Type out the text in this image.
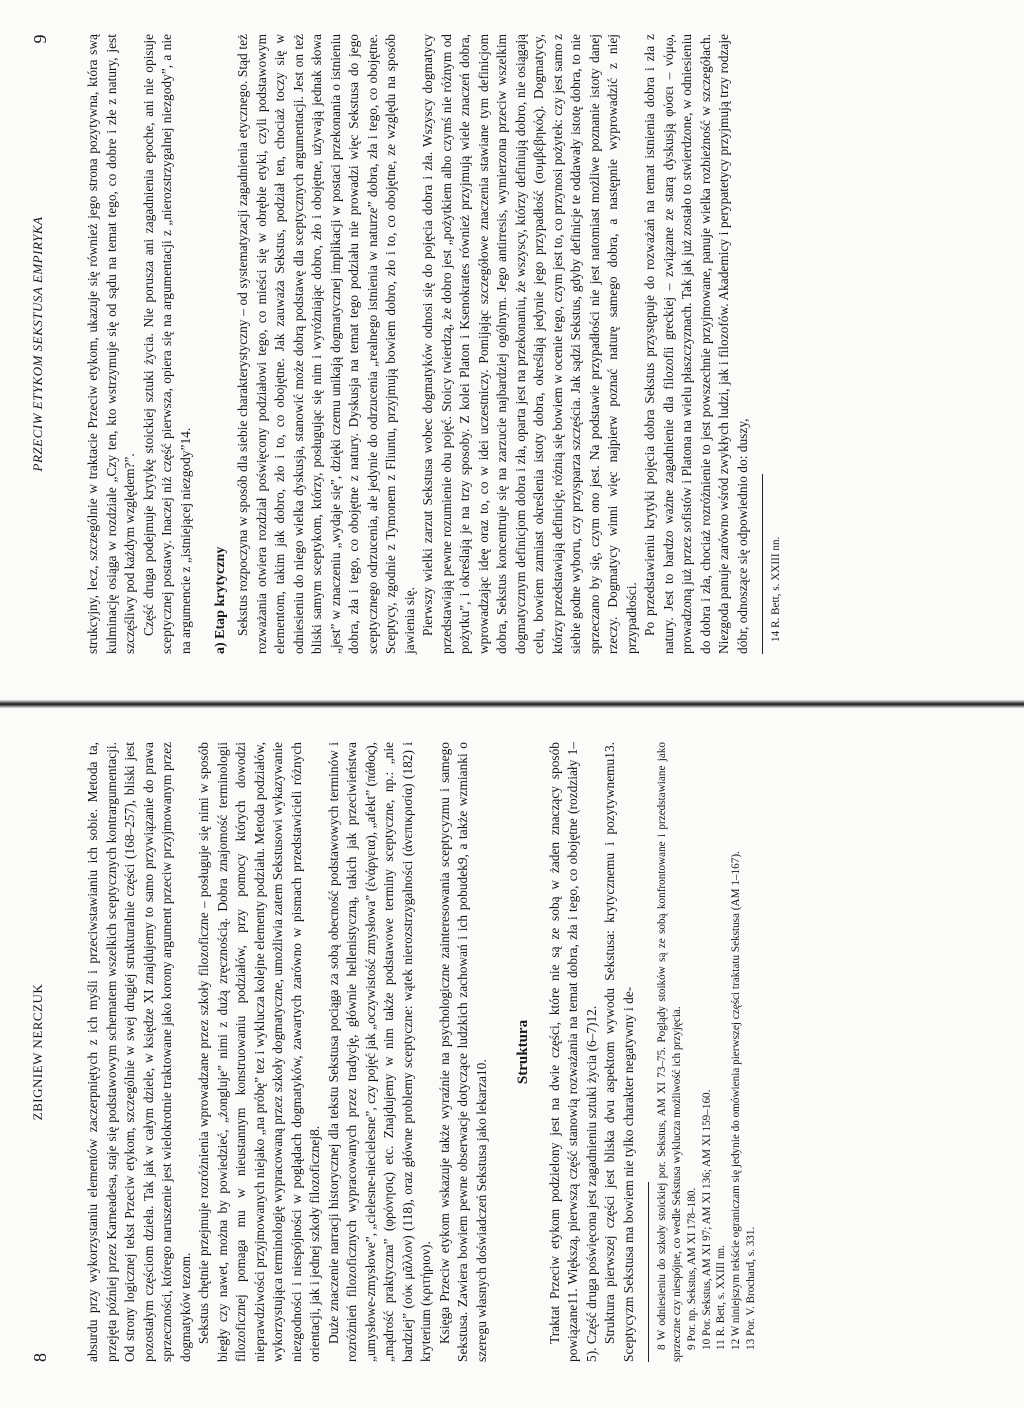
8
ZBIGNIEW NERCZUK	absurdu przy wykorzystaniu elementów zaczerpniętych z ich myśli i przeciwstawianiu ich sobie. Metoda ta, przejęta później przez Karneadesa, staje się podstawowym schematem wszelkich sceptycznych kontrargumentacji. Od strony logicznej tekst Przeciw etykom, szczególnie w swej drugiej strukturalnie części (168–257), bliski jest pozostałym częściom dzieła. Tak jak w całym dziele, w księdze XI znajdujemy to samo przywiązanie do prawa sprzeczności, którego naruszenie jest wielokrotnie traktowane jako korony argument przeciw przyjmowanym przez dogmatyków tezom. Sekstus chętnie przejmuje rozróżnienia wprowadzane przez szkoły filozoficzne – posługuje się nimi w sposób biegły czy nawet, można by powiedzieć, „żongluje” nimi z dużą zręcznością. Dobra znajomość terminologii filozoficznej pomaga mu w nieustannym konstruowaniu podziałów, przy pomocy których dowodzi nieprawdziwości przyjmowanych niejako „na próbę” tez i wyklucza kolejne elementy podziału. Metoda podziałów, wykorzystująca terminologię wypracowaną przez szkoły dogmatyczne, umożliwia zatem Sekstusowi wykazywanie niezgodności i niespójności w poglądach dogmatyków, zawartych zarówno w pismach przedstawicieli różnych orientacji, jak i jednej szkoły filozoficznej8. Duże znaczenie narracji historycznej dla tekstu Sekstusa pociąga za sobą obecność podstawowych terminów i rozróżnień filozoficznych wypracowanych przez tradycję, głównie hellenistyczną, takich jak przeciwieństwa „umysłowe-zmysłowe”, „cielesne-niecielesne”, czy pojęć jak „oczywistość zmysłowa” (ἐνάργεια), „afekt” (πάθος), „mądrość praktyczna” (φρόνησις) etc. Znajdujemy w nim także podstawowe terminy sceptyczne, np.: „nie bardziej” (οὐκ μᾶλλον) (118), oraz główne problemy sceptyczne: wątek nierozstrzygalności (ἀνεπικρισία) (182) i kryterium (κριτήριον). Księga Przeciw etykom wskazuje także wyraźnie na psychologiczne zainteresowania sceptycyzmu i samego Sekstusa. Zawiera bowiem pewne obserwacje dotyczące ludzkich zachowań i ich pobudek9, a także wzmianki o szeregu własnych doświadczeń Sekstusa jako lekarza10.

Struktura Traktat Przeciw etykom podzielony jest na dwie części, które nie są ze sobą w żaden znaczący sposób powiązane11. Większą, pierwszą część stanowią rozważania na temat dobra, zła i tego, co obojętne (rozdziały 1–5). Część druga poświęcona jest zagadnieniu sztuki życia (6–7)12. Struktura pierwszej części jest bliska dwu aspektom wywodu Sekstusa: krytycznemu i pozytywnemu13. Sceptycyzm Sekstusa ma bowiem nie tylko charakter negatywny i de- 8 W odniesieniu do szkoły stoickiej por. Sekstus, AM XI 73–75. Poglądy stoików są ze sobą konfrontowane i przedstawiane jako sprzeczne czy niespójne, co wedle Sekstusa wyklucza możliwość ich przyjęcia. 9 Por. np. Sekstus, AM XI 178–180. 10 Por. Sekstus, AM XI 97; AM XI 136; AM XI 159–160. 11 R. Bett, s. XXIII nn. 12 W niniejszym tekście ograniczam się jedynie do omówienia pierwszej części traktatu Sekstusa (AM 1–167). 13 Por. V. Brochard, s. 331.

PRZECIW ETYKOM SEKSTUSA EMPIRYKA
9	strukcyjny, lecz, szczególnie w traktacie Przeciw etykom, ukazuje się również jego strona pozytywna, która swą kulminację osiąga w rozdziale „Czy ten, kto wstrzymuje się od sądu na temat tego, co dobre i złe z natury, jest szczęśliwy pod każdym względem?”. Część druga podejmuje krytykę stoickiej sztuki życia. Nie porusza ani zagadnienia epoche, ani nie opisuje sceptycznej postawy. Inaczej niż część pierwsza, opiera się na argumentacji z „nierozstrzygalnej niezgody”, a nie na argumencie z „istniejącej niezgody”14. a) Etap krytyczny Sekstus rozpoczyna w sposób dla siebie charakterystyczny – od systematyzacji zagadnienia etycznego. Stąd też rozważania otwiera rozdział poświęcony podziałowi tego, co mieści się w obrębie etyki, czyli podstawowym elementom, takim jak dobro, zło i to, co obojętne. Jak zauważa Sekstus, podział ten, chociaż toczy się w odniesieniu do niego wielka dyskusja, stanowić może dobrą podstawę dla sceptycznych argumentacji. Jest on też bliski samym sceptykom, którzy, posługując się nim i wyróżniając dobro, zło i obojętne, używają jednak słowa „jest” w znaczeniu „wydaje się”, dzięki czemu unikają dogmatycznej implikacji w postaci przekonania o istnieniu dobra, zła i tego, co obojętne z natury. Dyskusja na temat tego podziału nie prowadzi więc Sekstusa do jego sceptycznego odrzucenia, ale jedynie do odrzucenia „realnego istnienia w naturze” dobra, zła i tego, co obojętne. Sceptycy, zgodnie z Tymonem z Fliuntu, przyjmują bowiem dobro, zło i to, co obojętne, ze względu na sposób jawienia się. Pierwszy wielki zarzut Sekstusa wobec dogmatyków odnosi się do pojęcia dobra i zła. Wszyscy dogmatycy przedstawiają pewne rozumienie obu pojęć. Stoicy twierdzą, że dobro jest „pożytkiem albo czymś nie różnym od pożytku”, i określają je na trzy sposoby. Z kolei Platon i Ksenokrates również przyjmują wiele znaczeń dobra, wprowadzając ideę oraz to, co w idei uczestniczy. Pomijając szczegółowe znaczenia stawiane tym definicjom dobra, Sekstus koncentruje się na zarzucie najbardziej ogólnym. Jego antirresis, wymierzona przeciw wszelkim dogmatycznym definicjom dobra i zła, oparta jest na przekonaniu, że wszyscy, którzy definiują dobro, nie osiągają celu, bowiem zamiast określenia istoty dobra, określają jedynie jego przypadłość (συμβεβηκός). Dogmatycy, którzy przedstawiają definicję, różnią się bowiem w ocenie tego, czym jest to, co przynosi pożytek: czy jest samo z siebie godne wyboru, czy przysparza szczęścia. Jak sądzi Sekstus, gdyby definicje te oddawały istotę dobra, to nie sprzeczano by się, czym ono jest. Na podstawie przypadłości nie jest natomiast możliwe poznanie istoty danej rzeczy. Dogmatycy winni więc najpierw poznać naturę samego dobra, a następnie wyprowadzić z niej przypadłości. Po przedstawieniu krytyki pojęcia dobra Sekstus przystępuje do rozważań na temat istnienia dobra i zła z natury. Jest to bardzo ważne zagadnienie dla filozofii greckiej – związane ze starą dyskusją φύσει – νόμῳ, prowadzoną już przez sofistów i Platona na wielu płaszczyznach. Tak jak już zostało to stwierdzone, w odniesieniu do dobra i zła, chociaż rozróżnienie to jest powszechnie przyjmowane, panuje wielka rozbieżność w szczegółach. Niezgoda panuje zarówno wśród zwykłych ludzi, jak i filozofów. Akademicy i perypatetycy przyjmują trzy rodzaje dóbr, odnoszące się odpowiednio do: duszy, 14 R. Bett, s. XXIII nn.
